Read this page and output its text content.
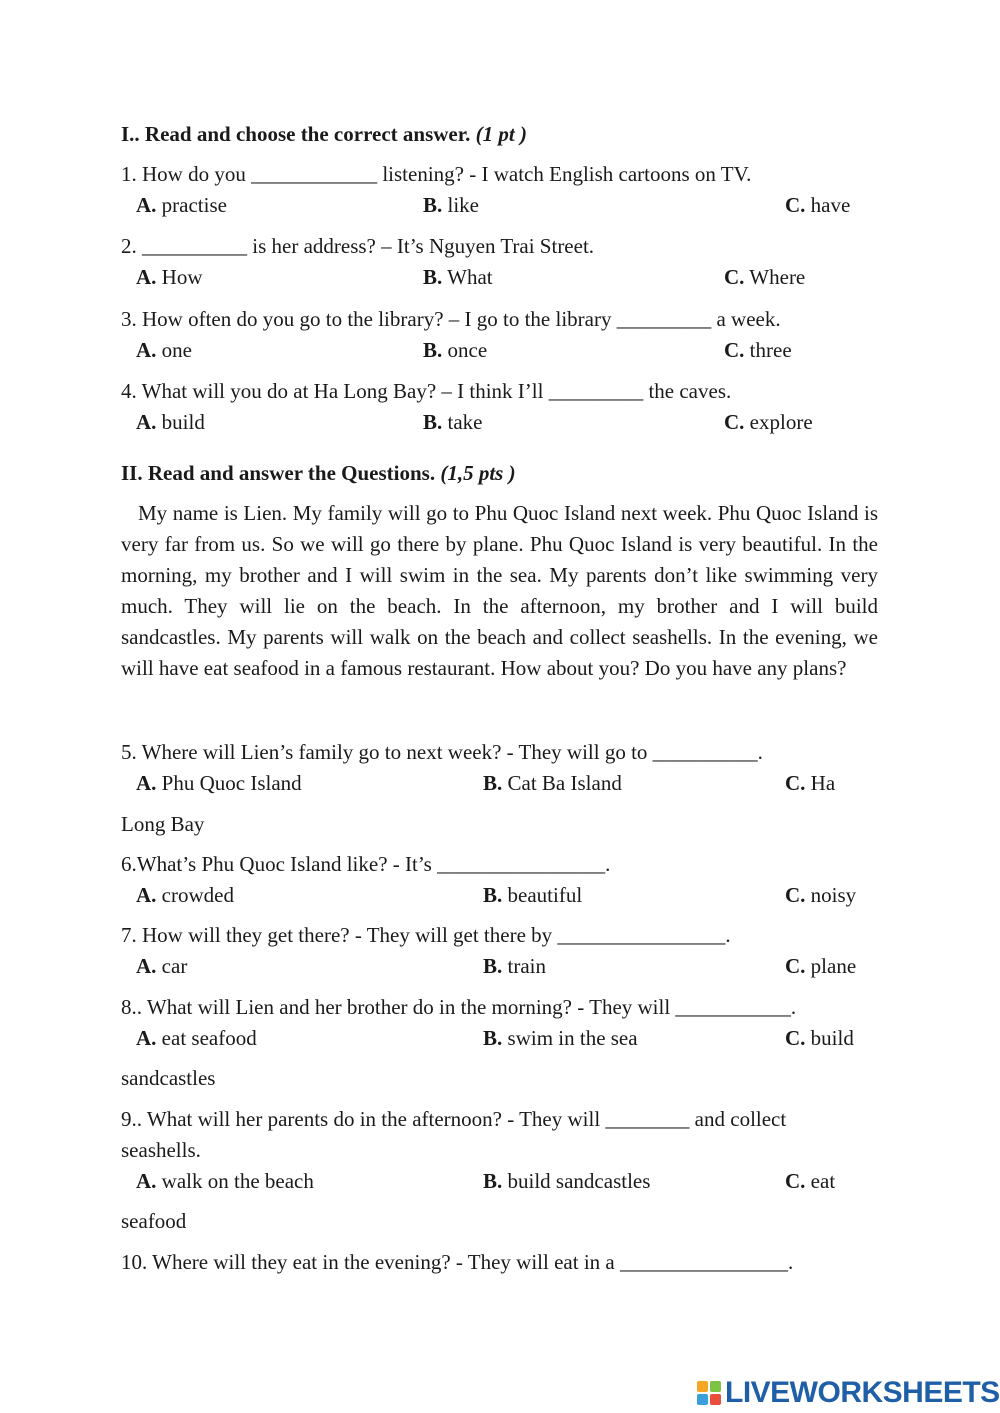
I.. Read and choose the correct answer. (1 pt )
1. How do you ____________ listening? - I watch English cartoons on TV.
A. practise	B. like	C. have
2. __________ is her address? – It’s Nguyen Trai Street.
A. How	B. What	C. Where
3. How often do you go to the library? – I go to the library _________ a week.
A. one	B. once	C. three
4. What will you do at Ha Long Bay? – I think I’ll _________ the caves.
A. build	B. take	C. explore
II. Read and answer the Questions. (1,5 pts )
My name is Lien. My family will go to Phu Quoc Island next week. Phu Quoc Island is very far from us. So we will go there by plane. Phu Quoc Island is very beautiful. In the morning, my brother and I will swim in the sea. My parents don’t like swimming very much. They will lie on the beach. In the afternoon, my brother and I will build sandcastles. My parents will walk on the beach and collect seashells. In the evening, we will have eat seafood in a famous restaurant. How about you? Do you have any plans?
5. Where will Lien’s family go to next week? - They will go to __________.
A. Phu Quoc Island	B. Cat Ba Island	C. Ha
Long Bay
6.What’s Phu Quoc Island like? - It’s ________________.
A. crowded	B. beautiful	C. noisy
7. How will they get there? - They will get there by ________________.
A. car	B. train	C. plane
8.. What will Lien and her brother do in the morning? - They will ___________.
A. eat seafood	B. swim in the sea	C. build
sandcastles
9.. What will her parents do in the afternoon? - They will ________ and collect
seashells.
A. walk on the beach	B. build sandcastles	C. eat
seafood
10. Where will they eat in the evening? - They will eat in a ________________.
LIVEWORKSHEETS
